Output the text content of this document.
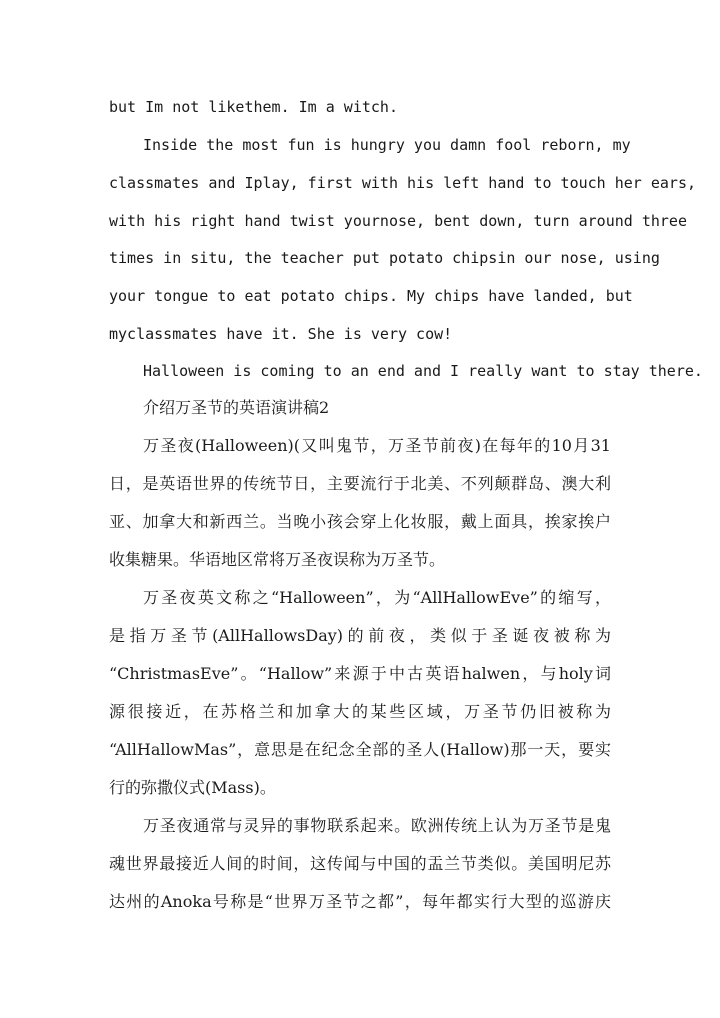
but Im not likethem. Im a witch.
Inside the most fun is hungry you damn fool reborn, my
classmates and Iplay, first with his left hand to touch her ears,
with his right hand twist yournose, bent down, turn around three
times in situ, the teacher put potato chipsin our nose, using
your tongue to eat potato chips. My chips have landed, but
myclassmates have it. She is very cow!
Halloween is coming to an end and I really want to stay there.
介绍万圣节的英语演讲稿2
万圣夜(Halloween)(又叫鬼节，万圣节前夜)在每年的10月31
日，是英语世界的传统节日，主要流行于北美、不列颠群岛、澳大利
亚、加拿大和新西兰。当晚小孩会穿上化妆服，戴上面具，挨家挨户
收集糖果。华语地区常将万圣夜误称为万圣节。
万圣夜英文称之“Halloween”，为“AllHallowEve”的缩写，
是指万圣节(AllHallowsDay)的前夜，类似于圣诞夜被称为
“ChristmasEve”。“Hallow”来源于中古英语halwen，与holy词
源很接近，在苏格兰和加拿大的某些区域，万圣节仍旧被称为
“AllHallowMas”，意思是在纪念全部的圣人(Hallow)那一天，要实
行的弥撒仪式(Mass)。
万圣夜通常与灵异的事物联系起来。欧洲传统上认为万圣节是鬼
魂世界最接近人间的时间，这传闻与中国的盂兰节类似。美国明尼苏
达州的Anoka号称是“世界万圣节之都”，每年都实行大型的巡游庆
